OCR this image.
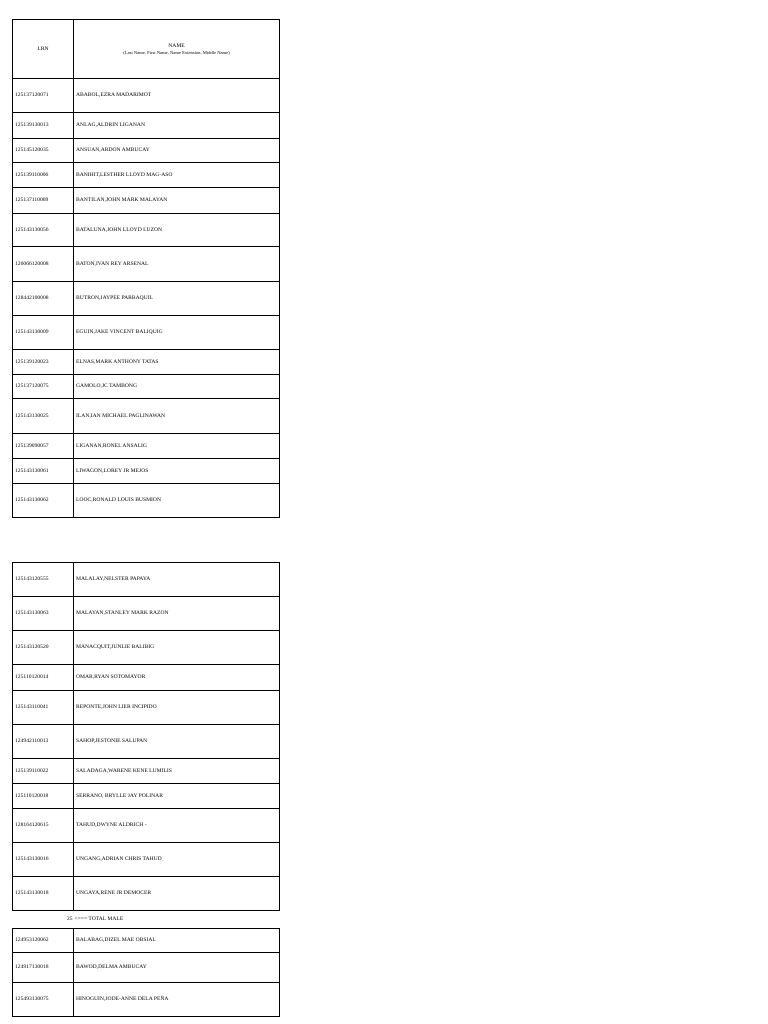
LRN	NAME
(Last Name, First Name, Name Extension, Middle Name)

125137120071	ABABOL,EZRA MADARIMOT
125139130013	ANLAG,ALDRIN LIGANAN
125145120035	ANSUAN,ARDON AMBUCAY
125139110006	BANIHIT,LESTHER LLOYD MAG-ASO
125137110009	BANTILAN,JOHN MARK MALAYAN
125143130056	BATALUNA,JOHN LLOYD LUZON
126066120008	BATON,IVAN REY ARSENAL
128442100008	BUTRON,JAYPEE PARBAQUIL
125143130009	EGUIN,JAKE VINCENT BALIQUIG
125139120023	ELNAS,MARK ANTHONY TATAS
125137120075	GAMOLO,JC TAMBONG
125143130025	ILAN,IAN MICHAEL PAGLINAWAN
125139090057	LIGANAN,RONEL ANSALIG
125143130061	LIWAGON,LOREY JR MEJOS
125143130062	LOOC,RONALD LOUIS BUSMION
125143120555	MALALAY,NELSTER PAPAYA
125143130063	MALAYAN,STANLEY MARK RAZON
125143120520	MANACQUIT,JUNLIE BALIBIG
125110120014	OMAR,RYAN SOTOMAYOR
125143110041	REPONTE,JOHN LIER INCIPIDO
124942110013	SAHOP,JESTONIE SALUPAN
125139110022	SALADAGA,WARENE KENE LUMILIS
125110120018	SERRANO, BRYLLE JAY POLINAR
128164120615	TAHUD,DWYNE ALDRICH -
125143130016	UNGANG,ADRIAN CHRIS TAHUD
125143130018	UNGAYA,RENE JR DEMOCER
25	<=== TOTAL MALE
124953120062	BALABAG,DIZEL MAE OBSIAL
124917130018	BAWOD,DELMA AMBUCAY
125493130075	HINOGUIN,JODE-ANNE DELA PEÑA
